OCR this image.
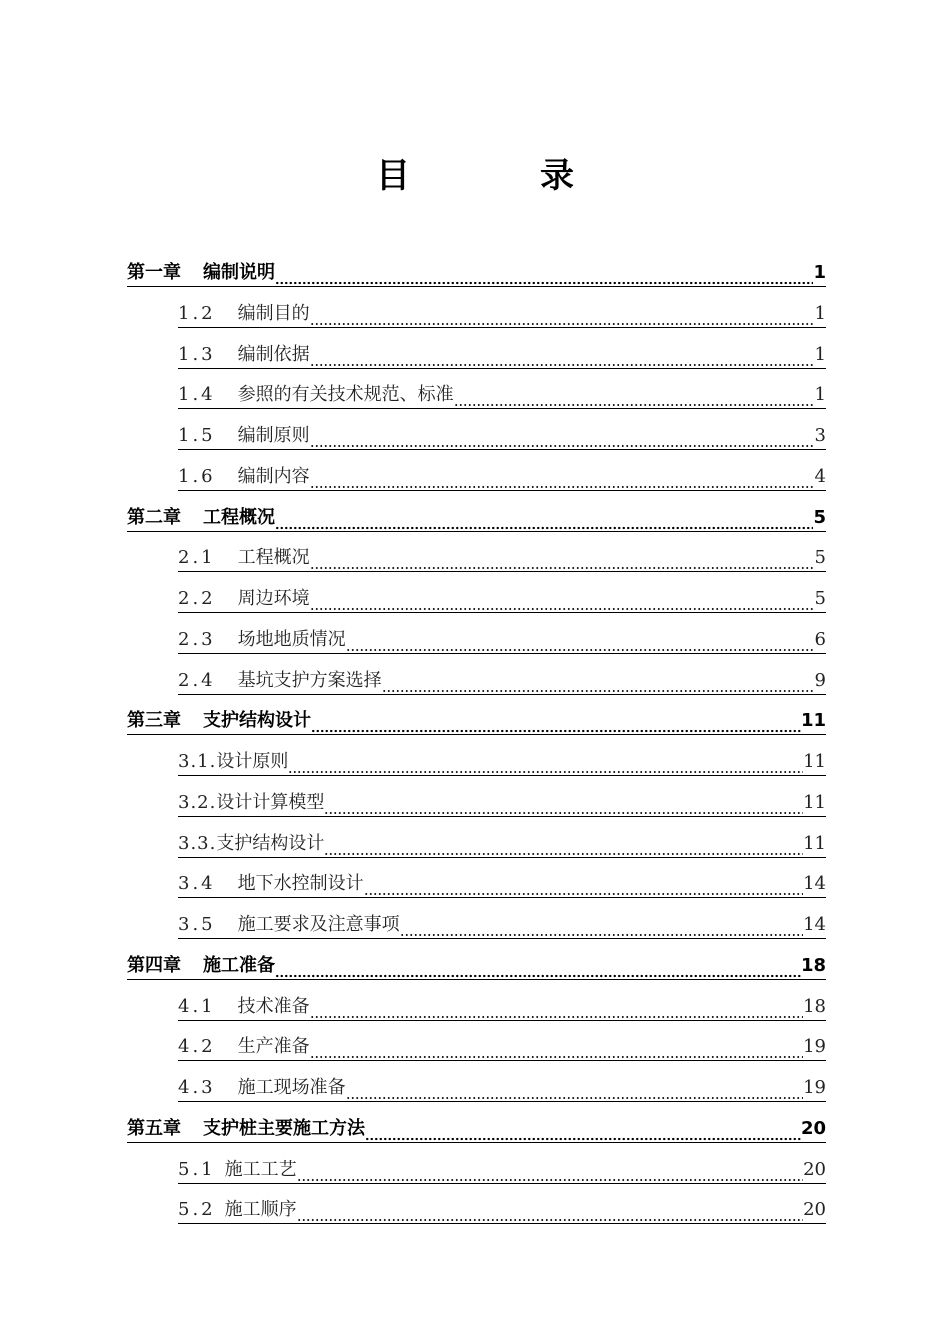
目　录
第一章	编制说明	1
1.2	编制目的	1
1.3	编制依据	1
1.4	参照的有关技术规范、标准	1
1.5	编制原则	3
1.6	编制内容	4
第二章	工程概况	5
2.1	工程概况	5
2.2	周边环境	5
2.3	场地地质情况	6
2.4	基坑支护方案选择	9
第三章	支护结构设计	11
3.1. 设计原则	11
3.2. 设计计算模型	11
3.3. 支护结构设计	11
3.4	地下水控制设计	14
3.5	施工要求及注意事项	14
第四章	施工准备	18
4.1	技术准备	18
4.2	生产准备	19
4.3	施工现场准备	19
第五章	支护桩主要施工方法	20
5.1 施工工艺	20
5.2 施工顺序	20
